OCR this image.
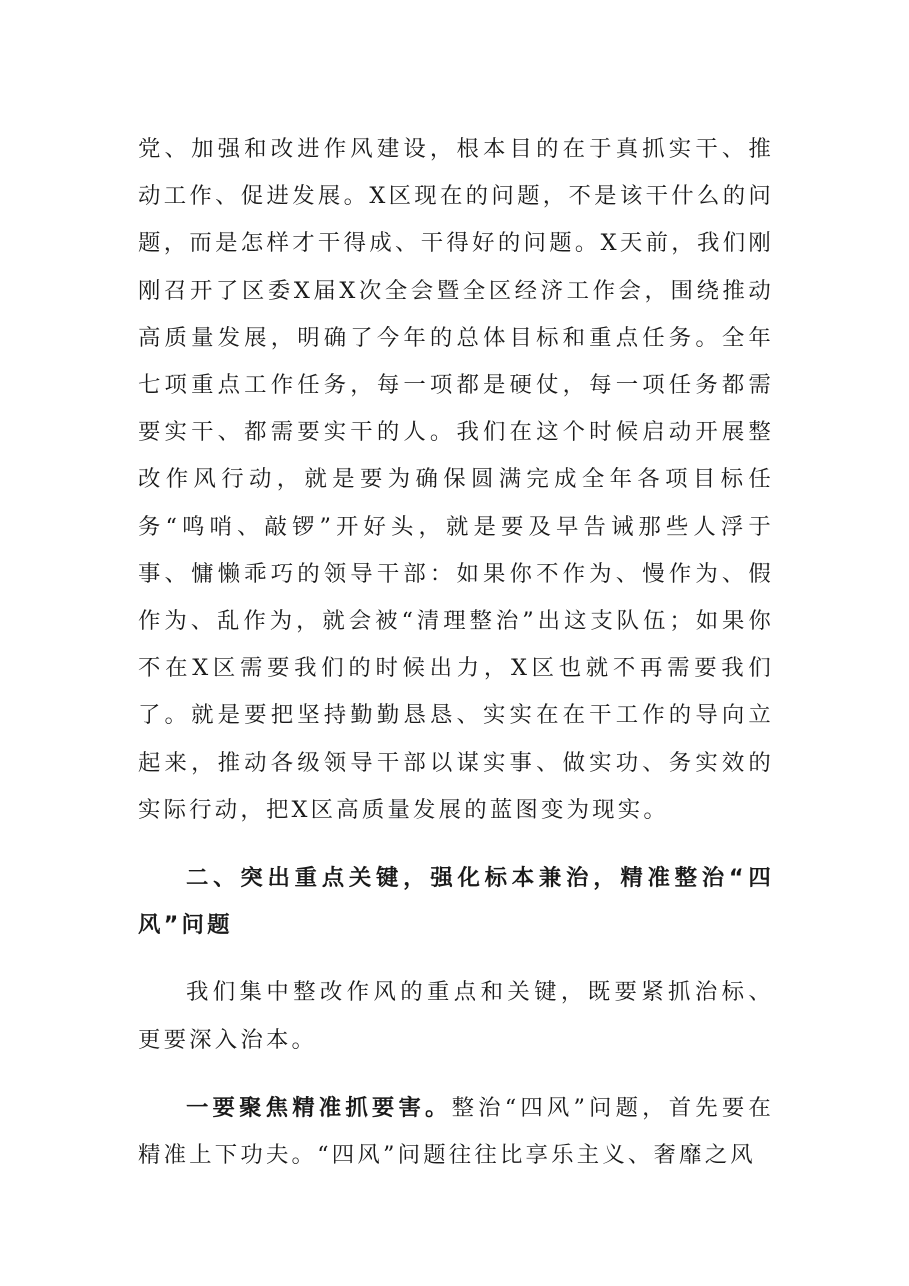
党、加强和改进作风建设，根本目的在于真抓实干、推动工作、促进发展。X区现在的问题，不是该干什么的问题，而是怎样才干得成、干得好的问题。X天前，我们刚刚召开了区委X届X次全会暨全区经济工作会，围绕推动高质量发展，明确了今年的总体目标和重点任务。全年七项重点工作任务，每一项都是硬仗，每一项任务都需要实干、都需要实干的人。我们在这个时候启动开展整改作风行动，就是要为确保圆满完成全年各项目标任务“鸣哨、敲锣”开好头，就是要及早告诫那些人浮于事、慵懒乖巧的领导干部：如果你不作为、慢作为、假作为、乱作为，就会被“清理整治”出这支队伍；如果你不在X区需要我们的时候出力，X区也就不再需要我们了。就是要把坚持勤勤恳恳、实实在在干工作的导向立起来，推动各级领导干部以谋实事、做实功、务实效的实际行动，把X区高质量发展的蓝图变为现实。

二、突出重点关键，强化标本兼治，精准整治“四风”问题

我们集中整改作风的重点和关键，既要紧抓治标、更要深入治本。

一要聚焦精准抓要害。整治“四风”问题，首先要在精准上下功夫。“四风”问题往往比享乐主义、奢靡之风
